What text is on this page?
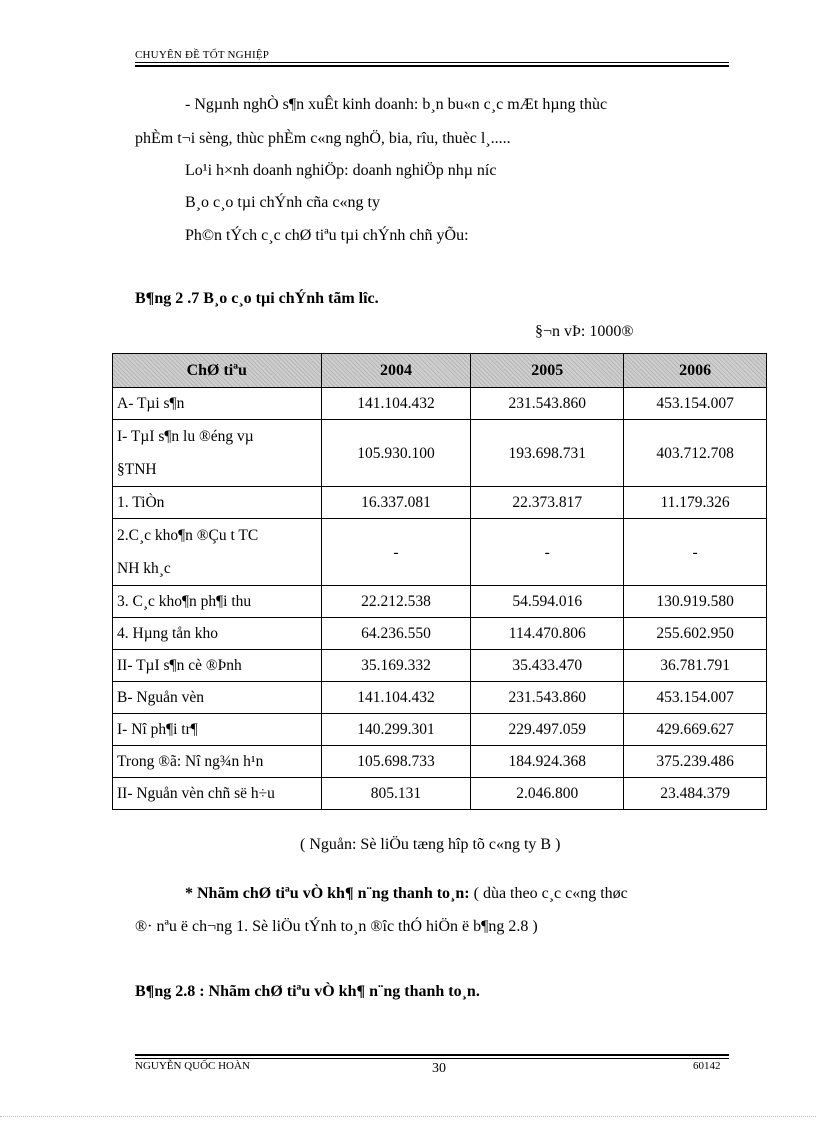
CHUYÊN ĐỀ TỐT NGHIỆP
- Ngµnh nghÒ s¶n xuÊt kinh doanh: b¸n bu«n c¸c mÆt hµng thùc
phÈm t¬i sèng, thùc phÈm c«ng nghÖ, bia, rîu, thuèc l¸.....
Lo¹i h×nh doanh nghiÖp: doanh nghiÖp nhµ níc
B¸o c¸o tµi chÝnh cña c«ng ty
Ph©n tÝch c¸c chØ tiªu tµi chÝnh chñ yÕu:
B¶ng 2 .7 B¸o c¸o tµi chÝnh tãm lîc.
§¬n vÞ: 1000®
ChØ tiªu	2004	2005	2006
A- Tµi s¶n	141.104.432	231.543.860	453.154.007

I- TµI s¶n lu ®éng vµ
§TNH	105.930.100	193.698.731	403.712.708
1. TiÒn	16.337.081	22.373.817	11.179.326

2.C¸c kho¶n ®Çu t TC
NH kh¸c	-	-	-
3. C¸c kho¶n ph¶i thu	22.212.538	54.594.016	130.919.580
4. Hµng tån kho	64.236.550	114.470.806	255.602.950
II- TµI s¶n cè ®Þnh	35.169.332	35.433.470	36.781.791
B- Nguån vèn	141.104.432	231.543.860	453.154.007
I- Nî ph¶i tr¶	140.299.301	229.497.059	429.669.627
Trong ®ã: Nî ng¾n h¹n	105.698.733	184.924.368	375.239.486
II- Nguån vèn chñ së h÷u	805.131	2.046.800	23.484.379
( Nguån: Sè liÖu tæng hîp tõ c«ng ty B )
* Nhãm chØ tiªu vÒ kh¶ n¨ng thanh to¸n: ( dùa theo c¸c c«ng thøc
®· nªu ë ch¬ng 1. Sè liÖu tÝnh to¸n ®îc thÓ hiÖn ë b¶ng 2.8 )
B¶ng 2.8 : Nhãm chØ tiªu vÒ kh¶ n¨ng thanh to¸n.
NGUYỄN QUỐC HOÀN	30	60142
